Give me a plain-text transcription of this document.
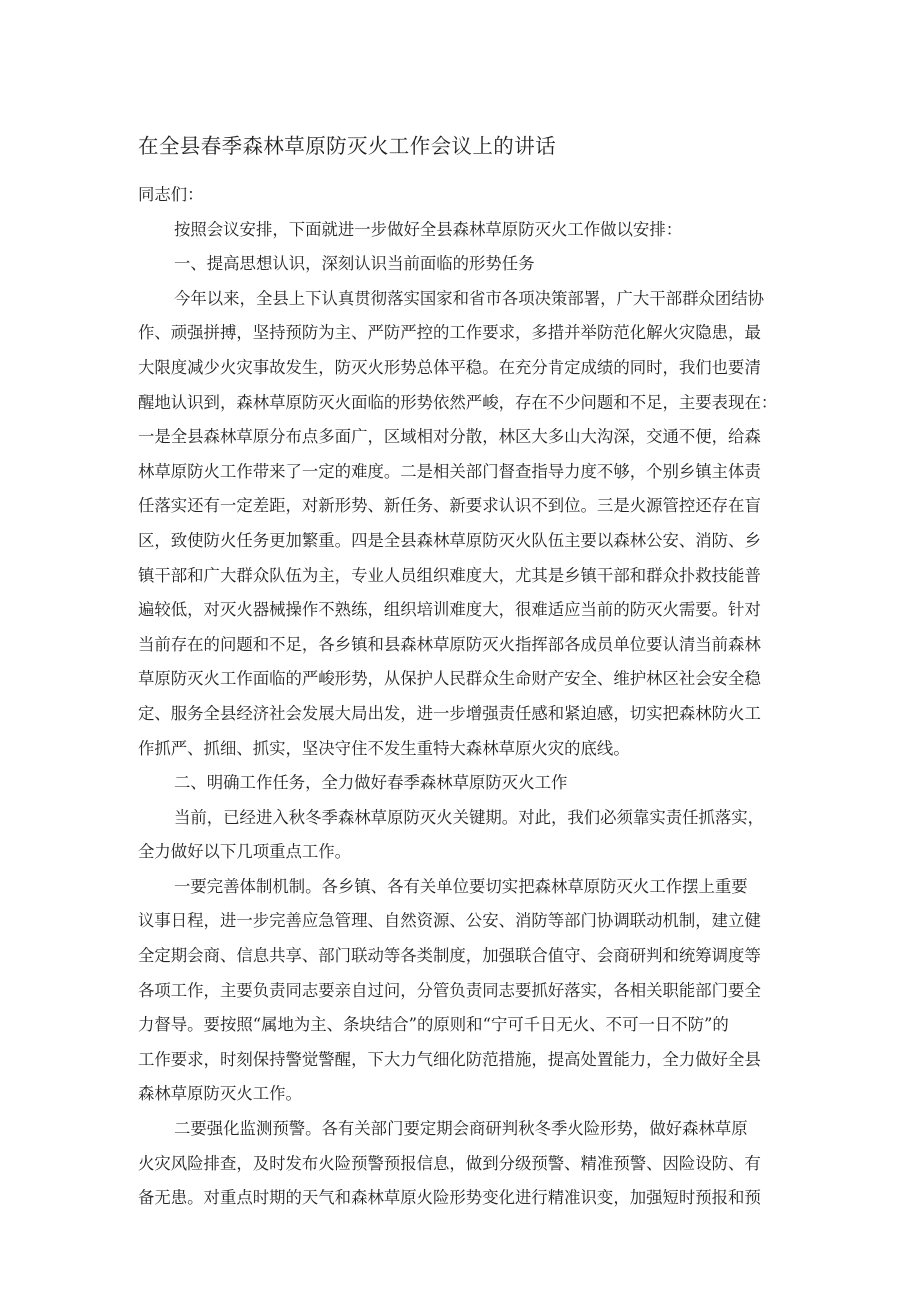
在全县春季森林草原防灭火工作会议上的讲话

同志们：

按照会议安排，下面就进一步做好全县森林草原防灭火工作做以安排：

一、提高思想认识，深刻认识当前面临的形势任务

今年以来，全县上下认真贯彻落实国家和省市各项决策部署，广大干部群众团结协

作、顽强拼搏，坚持预防为主、严防严控的工作要求，多措并举防范化解火灾隐患，最

大限度减少火灾事故发生，防灭火形势总体平稳。在充分肯定成绩的同时，我们也要清

醒地认识到，森林草原防灭火面临的形势依然严峻，存在不少问题和不足，主要表现在：

一是全县森林草原分布点多面广，区域相对分散，林区大多山大沟深，交通不便，给森

林草原防火工作带来了一定的难度。二是相关部门督查指导力度不够，个别乡镇主体责

任落实还有一定差距，对新形势、新任务、新要求认识不到位。三是火源管控还存在盲

区，致使防火任务更加繁重。四是全县森林草原防灭火队伍主要以森林公安、消防、乡

镇干部和广大群众队伍为主，专业人员组织难度大，尤其是乡镇干部和群众扑救技能普

遍较低，对灭火器械操作不熟练，组织培训难度大，很难适应当前的防灭火需要。针对

当前存在的问题和不足，各乡镇和县森林草原防灭火指挥部各成员单位要认清当前森林

草原防灭火工作面临的严峻形势，从保护人民群众生命财产安全、维护林区社会安全稳

定、服务全县经济社会发展大局出发，进一步增强责任感和紧迫感，切实把森林防火工

作抓严、抓细、抓实，坚决守住不发生重特大森林草原火灾的底线。

二、明确工作任务，全力做好春季森林草原防灭火工作

当前，已经进入秋冬季森林草原防灭火关键期。对此，我们必须靠实责任抓落实，

全力做好以下几项重点工作。

一要完善体制机制。各乡镇、各有关单位要切实把森林草原防灭火工作摆上重要

议事日程，进一步完善应急管理、自然资源、公安、消防等部门协调联动机制，建立健

全定期会商、信息共享、部门联动等各类制度，加强联合值守、会商研判和统筹调度等

各项工作，主要负责同志要亲自过问，分管负责同志要抓好落实，各相关职能部门要全

力督导。要按照“属地为主、条块结合”的原则和“宁可千日无火、不可一日不防”的

工作要求，时刻保持警觉警醒，下大力气细化防范措施，提高处置能力，全力做好全县

森林草原防灭火工作。

二要强化监测预警。各有关部门要定期会商研判秋冬季火险形势，做好森林草原

火灾风险排查，及时发布火险预警预报信息，做到分级预警、精准预警、因险设防、有

备无患。对重点时期的天气和森林草原火险形势变化进行精准识变，加强短时预报和预
